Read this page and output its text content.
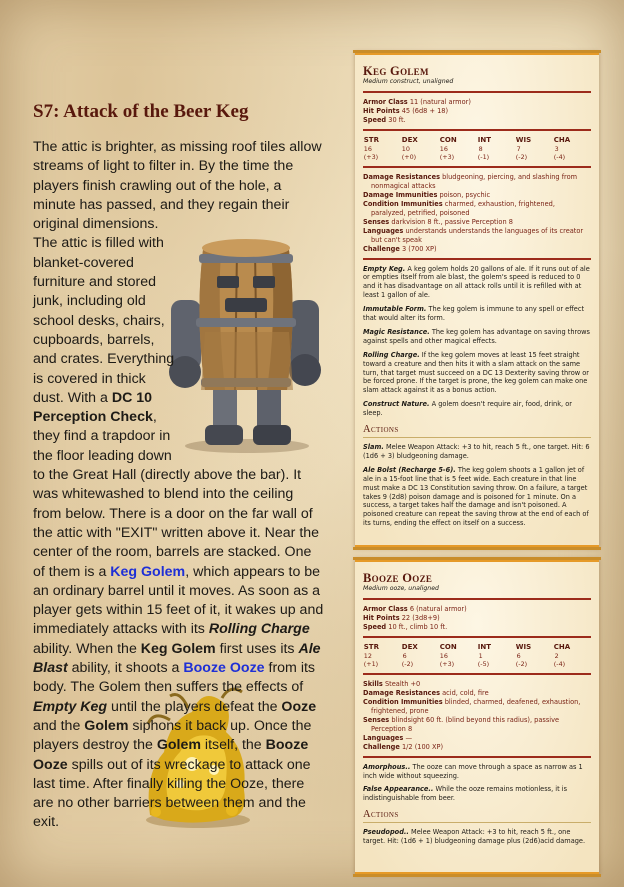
S7: Attack of the Beer Keg

The attic is brighter, as missing roof tiles allow streams of light to filter in. By the time the players finish crawling out of the hole, a minute has passed, and they regain their original dimensions.

The attic is filled with blanket-covered furniture and stored junk, including old school desks, chairs, cupboards, barrels, and crates. Everything is covered in thick dust. With a DC 10 Perception Check, they find a trapdoor in the floor leading down to the Great Hall (directly above the bar). It was whitewashed to blend into the ceiling from below. There is a door on the far wall of the attic with "EXIT" written above it. Near the center of the room, barrels are stacked. One of them is a Keg Golem, which appears to be an ordinary barrel until it moves. As soon as a player gets within 15 feet of it, it wakes up and immediately attacks with its Rolling Charge ability. When the Keg Golem first uses its Ale Blast ability, it shoots a Booze Ooze from its body. The Golem then suffers the effects of Empty Keg until the players defeat the Ooze and the Golem siphons it back up. Once the players destroy the Golem itself, the Booze Ooze spills out of its wreckage to attack one last time. After finally killing the Ooze, there are no other barriers between them and the exit.

Keg Golem
Medium construct, unaligned

Armor Class 11 (natural armor)

Hit Points 45 (6d8 + 18)

Speed 30 ft.

STR
16 (+3)
DEX
10 (+0)
CON
16 (+3)
INT
8 (-1)
WIS
7 (-2)
CHA
3 (-4)

Damage Resistances bludgeoning, piercing, and slashing from nonmagical attacks

Damage Immunities poison, psychic

Condition Immunities charmed, exhaustion, frightened, paralyzed, petrified, poisoned

Senses darkvision 8 ft., passive Perception 8

Languages understands understands the languages of its creator but can't speak

Challenge 3 (700 XP)

Empty Keg. A keg golem holds 20 gallons of ale. If it runs out of ale or empties itself from ale blast, the golem's speed is reduced to 0 and it has disadvantage on all attack rolls until it is refilled with at least 1 gallon of ale.

Immutable Form. The keg golem is immune to any spell or effect that would alter its form.

Magic Resistance. The keg golem has advantage on saving throws against spells and other magical effects.

Rolling Charge. If the keg golem moves at least 15 feet straight toward a creature and then hits it with a slam attack on the same turn, that target must succeed on a DC 13 Dexterity saving throw or be forced prone. If the target is prone, the keg golem can make one slam attack against it as a bonus action.

Construct Nature. A golem doesn't require air, food, drink, or sleep.

Actions

Slam. Melee Weapon Attack: +3 to hit, reach 5 ft., one target. Hit: 6 (1d6 + 3) bludgeoning damage.

Ale Bolst (Recharge 5-6). The keg golem shoots a 1 gallon jet of ale in a 15-foot line that is 5 feet wide. Each creature in that line must make a DC 13 Constitution saving throw. On a failure, a target takes 9 (2d8) poison damage and is poisoned for 1 minute. On a success, a target takes half the damage and isn't poisoned. A poisoned creature can repeat the saving throw at the end of each of its turns, ending the effect on itself on a success.

Booze Ooze
Medium ooze, unaligned

Armor Class 6 (natural armor)

Hit Points 22 (3d8+9)

Speed 10 ft., climb 10 ft.

STR
12 (+1)
DEX
6 (-2)
CON
16 (+3)
INT
1 (-5)
WIS
6 (-2)
CHA
2 (-4)

Skills Stealth +0

Damage Resistances acid, cold, fire

Condition Immunities blinded, charmed, deafened, exhaustion, frightened, prone

Senses blindsight 60 ft. (blind beyond this radius), passive Perception 8

Languages —

Challenge 1/2 (100 XP)

Amorphous.. The ooze can move through a space as narrow as 1 inch wide without squeezing.

False Appearance.. While the ooze remains motionless, it is indistinguishable from beer.

Actions

Pseudopod.. Melee Weapon Attack: +3 to hit, reach 5 ft., one target. Hit: (1d6 + 1) bludgeoning damage plus (2d6)acid damage.
